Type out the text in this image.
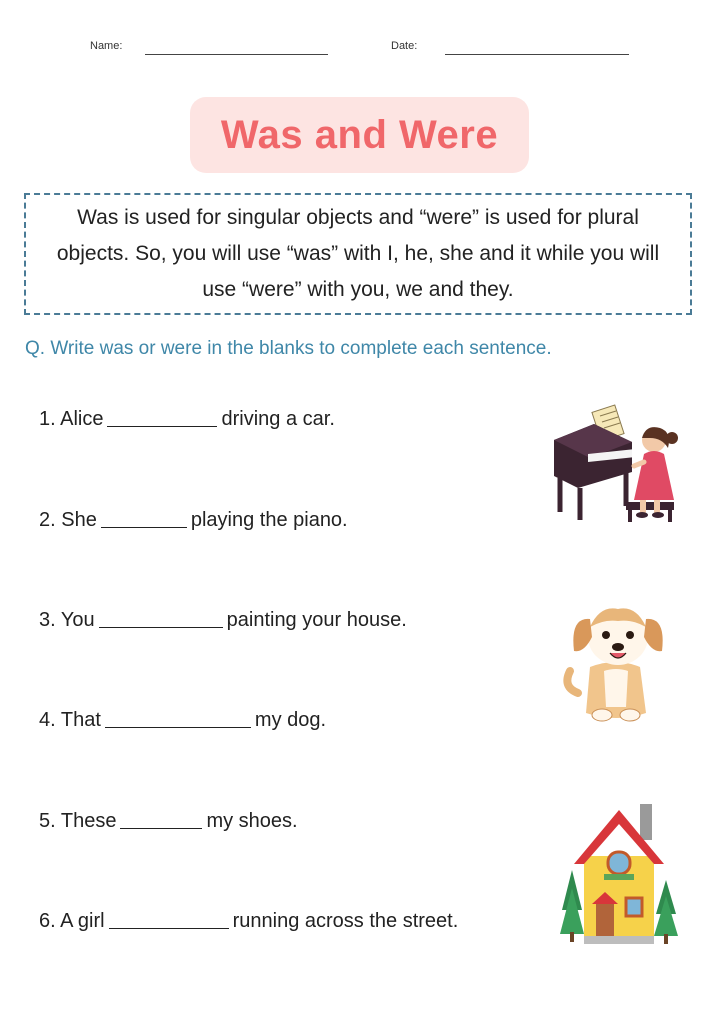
Name:	Date:
Was and Were
Was is used for singular objects and “were” is used for plural objects. So, you will use “was” with I, he, she and it while you will use “were” with you, we and they.
Q. Write was or were in the blanks to complete each sentence.
1. Alice	driving a car.
2. She	playing the piano.
3. You	painting your house.
4. That	my dog.
5. These	my shoes.
6. A girl	running across the street.
